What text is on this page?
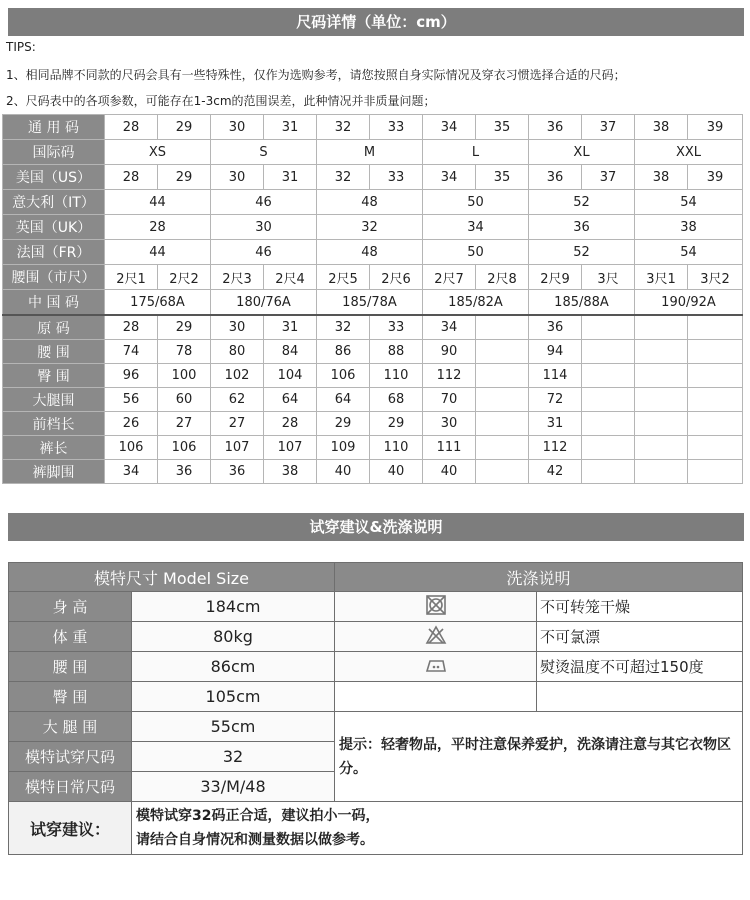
尺码详情（单位：cm）
TIPS:
1、相同品牌不同款的尺码会具有一些特殊性，仅作为选购参考，请您按照自身实际情况及穿衣习惯选择合适的尺码；
2、尺码表中的各项参数，可能存在1-3cm的范围误差，此种情况并非质量问题；
通 用 码	28	29	30	31	32	33	34	35	36	37	38	39
国际码	XS		S		M		L		XL		XXL	
美国（US）	28	29	30	31	32	33	34	35	36	37	38	39
意大利（IT）	44		46		48		50		52		54	
英国（UK）	28		30		32		34		36		38	
法国（FR）	44		46		48		50		52		54	
腰围（市尺）	2尺1	2尺2	2尺3	2尺4	2尺5	2尺6	2尺7	2尺8	2尺9	3尺	3尺1	3尺2
中 国 码	175/68A		180/76A		185/78A		185/82A		185/88A		190/92A	
原 码	28	29	30	31	32	33	34		36			
腰 围	74	78	80	84	86	88	90		94			
臀 围	96	100	102	104	106	110	112		114			
大腿围	56	60	62	64	64	68	70		72			
前档长	26	27	27	28	29	29	30		31			
裤长	106	106	107	107	109	110	111		112			
裤脚围	34	36	36	38	40	40	40		42			
试穿建议&洗涤说明
模特尺寸 Model Size		洗涤说明	
身 高	184cm		不可转笼干燥
体 重	80kg		不可氯漂
腰 围	86cm		熨烫温度不可超过150度
臀 围	105cm		
大 腿 围	55cm	提示：轻奢物品，平时注意保养爱护，洗涤请注意与其它衣物区分。	
模特试穿尺码	32		
模特日常尺码	33/M/48		
试穿建议：	模特试穿32码正合适，建议拍小一码，
请结合自身情况和测量数据以做参考。		
